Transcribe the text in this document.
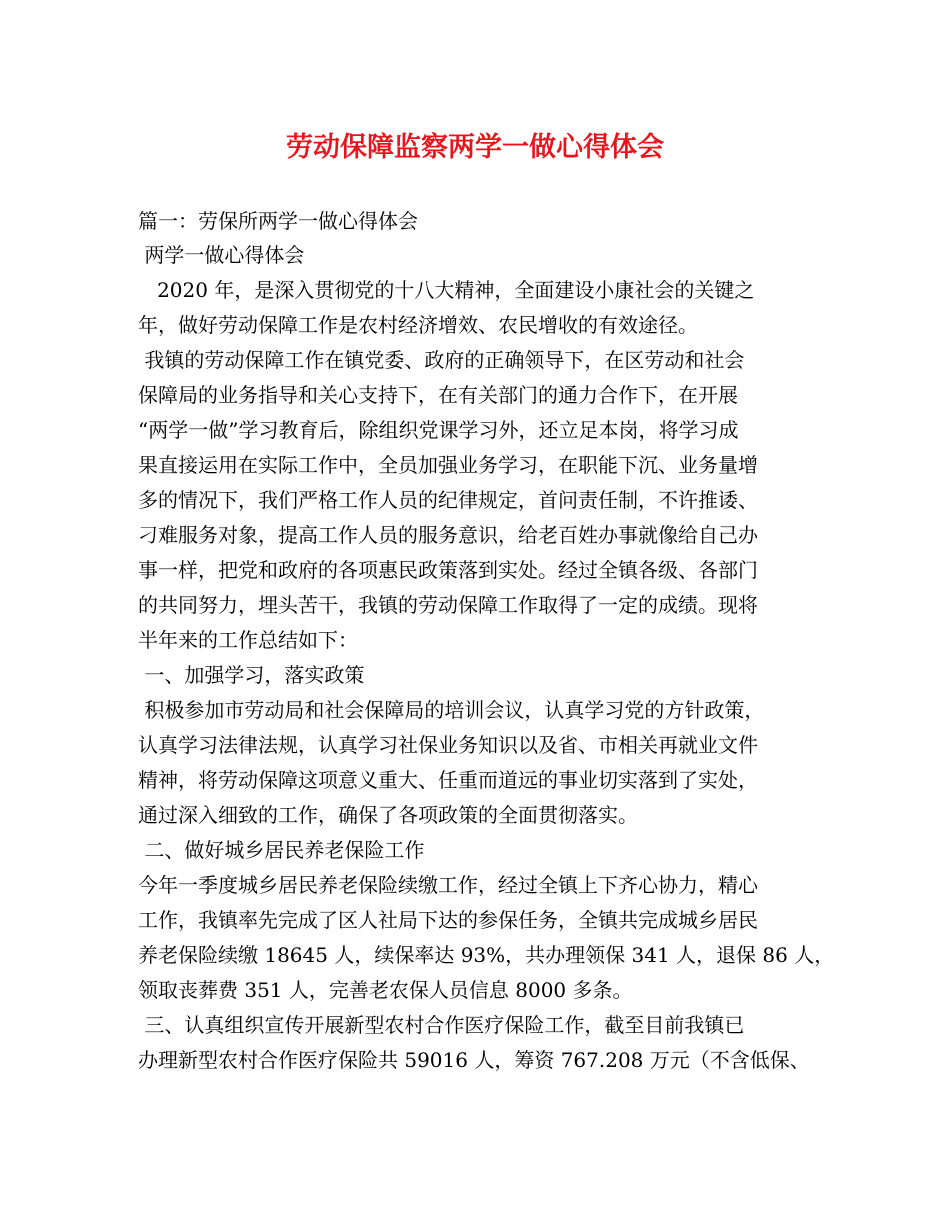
劳动保障监察两学一做心得体会
篇一：劳保所两学一做心得体会
两学一做心得体会
2020 年，是深入贯彻党的十八大精神，全面建设小康社会的关键之
年，做好劳动保障工作是农村经济增效、农民增收的有效途径。
我镇的劳动保障工作在镇党委、政府的正确领导下，在区劳动和社会
保障局的业务指导和关心支持下，在有关部门的通力合作下，在开展
“两学一做”学习教育后，除组织党课学习外，还立足本岗，将学习成
果直接运用在实际工作中，全员加强业务学习，在职能下沉、业务量增
多的情况下，我们严格工作人员的纪律规定，首问责任制，不许推诿、
刁难服务对象，提高工作人员的服务意识，给老百姓办事就像给自己办
事一样，把党和政府的各项惠民政策落到实处。经过全镇各级、各部门
的共同努力，埋头苦干，我镇的劳动保障工作取得了一定的成绩。现将
半年来的工作总结如下：
一、加强学习，落实政策
积极参加市劳动局和社会保障局的培训会议，认真学习党的方针政策，
认真学习法律法规，认真学习社保业务知识以及省、市相关再就业文件
精神，将劳动保障这项意义重大、任重而道远的事业切实落到了实处，
通过深入细致的工作，确保了各项政策的全面贯彻落实。
二、做好城乡居民养老保险工作
今年一季度城乡居民养老保险续缴工作，经过全镇上下齐心协力，精心
工作，我镇率先完成了区人社局下达的参保任务，全镇共完成城乡居民
养老保险续缴 18645 人，续保率达 93%，共办理领保 341 人，退保 86 人，
领取丧葬费 351 人，完善老农保人员信息 8000 多条。
三、认真组织宣传开展新型农村合作医疗保险工作，截至目前我镇已
办理新型农村合作医疗保险共 59016 人，筹资 767.208 万元（不含低保、
